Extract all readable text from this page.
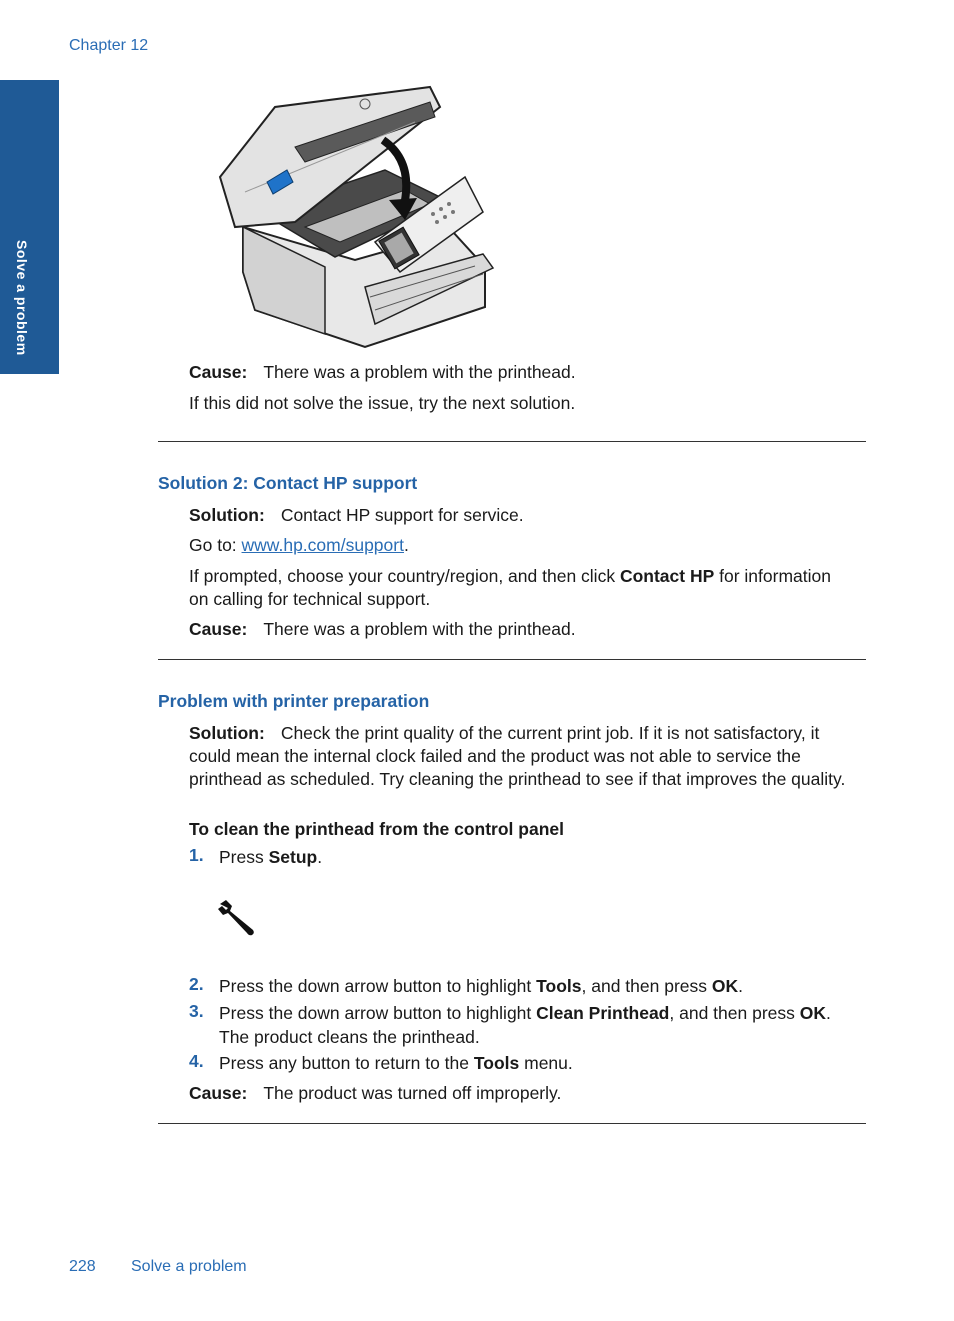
Chapter 12
Solve a problem
Cause: There was a problem with the printhead.
If this did not solve the issue, try the next solution.
Solution 2: Contact HP support
Solution: Contact HP support for service.
Go to: www.hp.com/support.
If prompted, choose your country/region, and then click Contact HP for information
on calling for technical support.
Cause: There was a problem with the printhead.
Problem with printer preparation
Solution: Check the print quality of the current print job. If it is not satisfactory, it
could mean the internal clock failed and the product was not able to service the
printhead as scheduled. Try cleaning the printhead to see if that improves the quality.
To clean the printhead from the control panel
1. Press Setup.
2. Press the down arrow button to highlight Tools, and then press OK.
3. Press the down arrow button to highlight Clean Printhead, and then press OK.
The product cleans the printhead.
4. Press any button to return to the Tools menu.
Cause: The product was turned off improperly.
228 Solve a problem
